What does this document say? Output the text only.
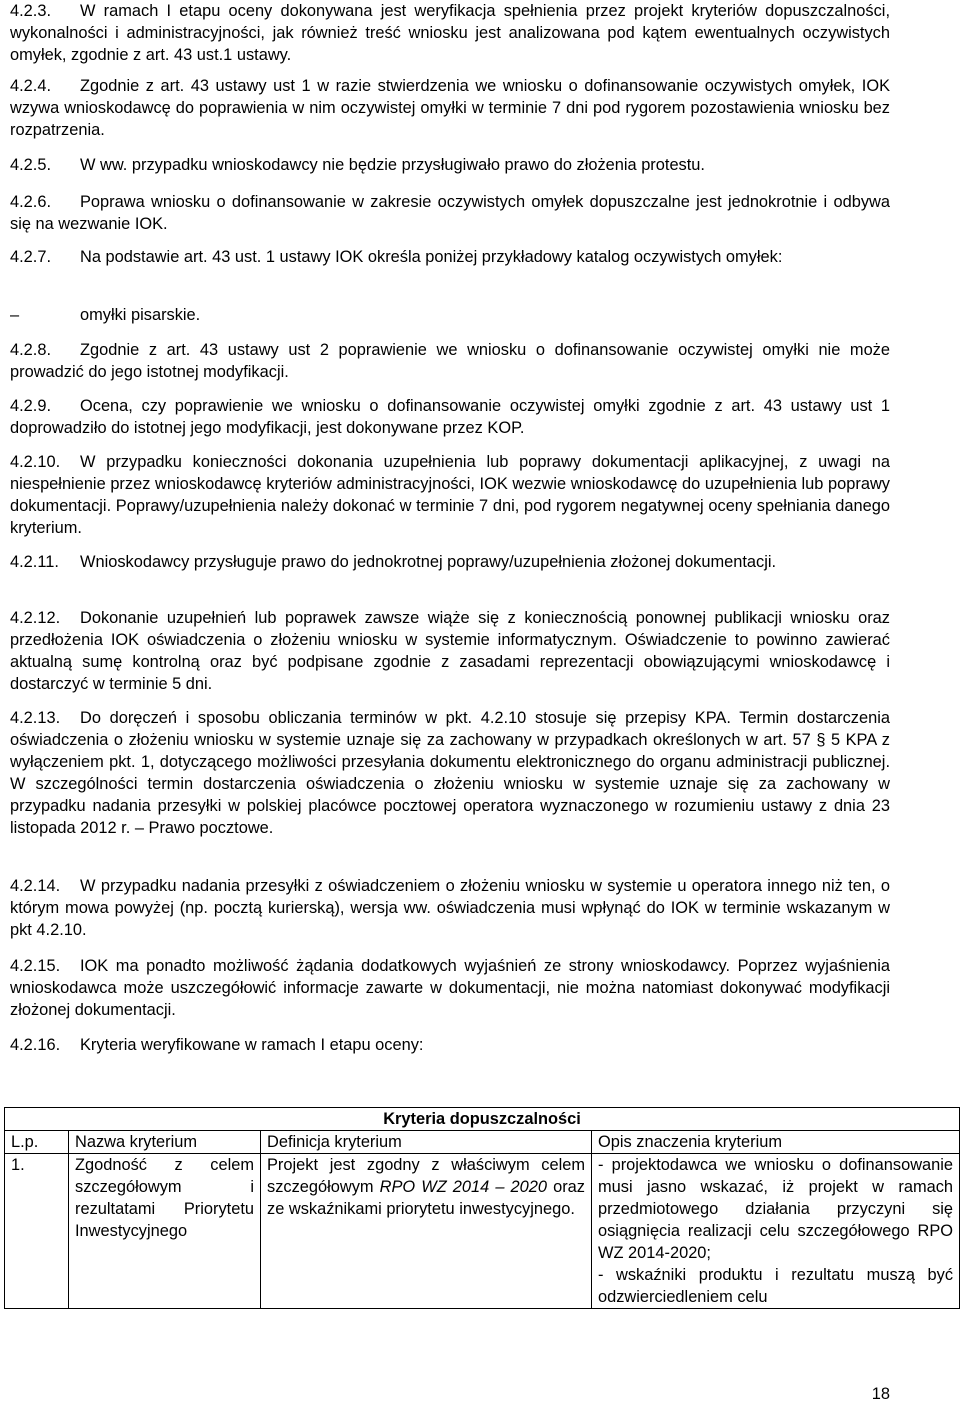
4.2.3. W ramach I etapu oceny dokonywana jest weryfikacja spełnienia przez projekt kryteriów dopuszczalności, wykonalności i administracyjności, jak również treść wniosku jest analizowana pod kątem ewentualnych oczywistych omyłek, zgodnie z art. 43 ust.1 ustawy.

4.2.4. Zgodnie z art. 43 ustawy ust 1 w razie stwierdzenia we wniosku o dofinansowanie oczywistych omyłek, IOK wzywa wnioskodawcę do poprawienia w nim oczywistej omyłki w terminie 7 dni pod rygorem pozostawienia wniosku bez rozpatrzenia.

4.2.5. W ww. przypadku wnioskodawcy nie będzie przysługiwało prawo do złożenia protestu.

4.2.6. Poprawa wniosku o dofinansowanie w zakresie oczywistych omyłek dopuszczalne jest jednokrotnie i odbywa się na wezwanie IOK.

4.2.7. Na podstawie art. 43 ust. 1 ustawy IOK określa poniżej przykładowy katalog oczywistych omyłek:

–	omyłki pisarskie.

4.2.8. Zgodnie z art. 43 ustawy ust 2 poprawienie we wniosku o dofinansowanie oczywistej omyłki nie może prowadzić do jego istotnej modyfikacji.

4.2.9. Ocena, czy poprawienie we wniosku o dofinansowanie oczywistej omyłki zgodnie z art. 43 ustawy ust 1 doprowadziło do istotnej jego modyfikacji, jest dokonywane przez KOP.

4.2.10. W przypadku konieczności dokonania uzupełnienia lub poprawy dokumentacji aplikacyjnej, z uwagi na niespełnienie przez wnioskodawcę kryteriów administracyjności, IOK wezwie wnioskodawcę do uzupełnienia lub poprawy dokumentacji. Poprawy/uzupełnienia należy dokonać w terminie 7 dni, pod rygorem negatywnej oceny spełniania danego kryterium.

4.2.11. Wnioskodawcy przysługuje prawo do jednokrotnej poprawy/uzupełnienia złożonej dokumentacji.

4.2.12. Dokonanie uzupełnień lub poprawek zawsze wiąże się z koniecznością ponownej publikacji wniosku oraz przedłożenia IOK oświadczenia o złożeniu wniosku w systemie informatycznym. Oświadczenie to powinno zawierać aktualną sumę kontrolną oraz być podpisane zgodnie z zasadami reprezentacji obowiązującymi wnioskodawcę i dostarczyć w terminie 5 dni.

4.2.13. Do doręczeń i sposobu obliczania terminów w pkt. 4.2.10 stosuje się przepisy KPA. Termin dostarczenia oświadczenia o złożeniu wniosku w systemie uznaje się za zachowany w przypadkach określonych w art. 57 § 5 KPA z wyłączeniem pkt. 1, dotyczącego możliwości przesyłania dokumentu elektronicznego do organu administracji publicznej. W szczególności termin dostarczenia oświadczenia o złożeniu wniosku w systemie uznaje się za zachowany w przypadku nadania przesyłki w polskiej placówce pocztowej operatora wyznaczonego w rozumieniu ustawy z dnia 23 listopada 2012 r. – Prawo pocztowe.

4.2.14. W przypadku nadania przesyłki z oświadczeniem o złożeniu wniosku w systemie u operatora innego niż ten, o którym mowa powyżej (np. pocztą kurierską), wersja ww. oświadczenia musi wpłynąć do IOK w terminie wskazanym w pkt 4.2.10.

4.2.15. IOK ma ponadto możliwość żądania dodatkowych wyjaśnień ze strony wnioskodawcy. Poprzez wyjaśnienia wnioskodawca może uszczegółowić informacje zawarte w dokumentacji, nie można natomiast dokonywać modyfikacji złożonej dokumentacji.

4.2.16. Kryteria weryfikowane w ramach I etapu oceny:

Kryteria dopuszczalności			
L.p.	Nazwa kryterium	Definicja kryterium	Opis znaczenia kryterium
1.	Zgodność z celem szczegółowym i rezultatami Priorytetu Inwestycyjnego	Projekt jest zgodny z właściwym celem szczegółowym RPO WZ 2014 – 2020 oraz ze wskaźnikami priorytetu inwestycyjnego.	- projektodawca we wniosku o dofinansowanie musi jasno wskazać, iż projekt w ramach przedmiotowego działania przyczyni się osiągnięcia realizacji celu szczegółowego RPO WZ 2014-2020;
- wskaźniki produktu i rezultatu muszą być odzwierciedleniem celu
18
